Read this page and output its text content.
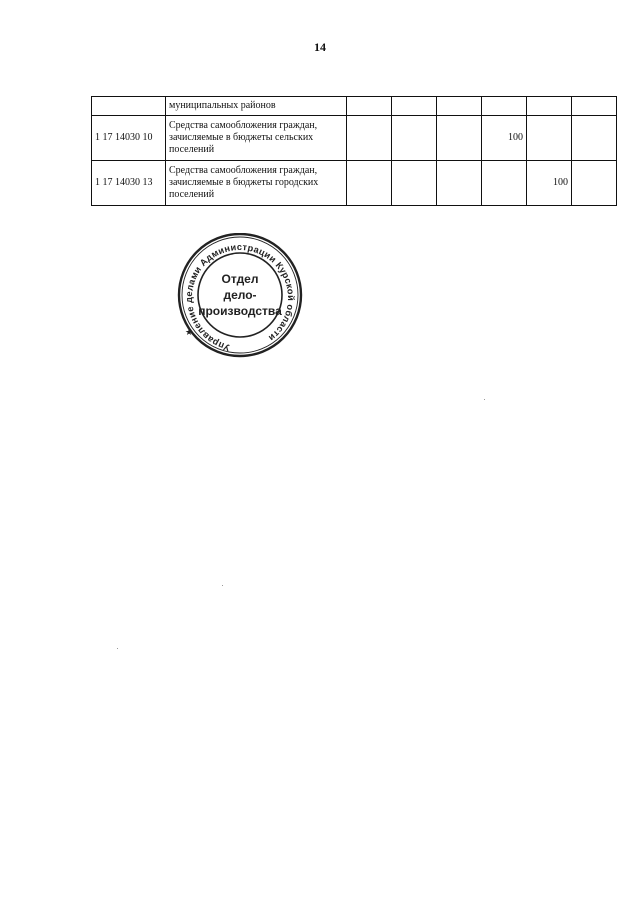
14
	муниципальных районов						
1 17 14030 10	Средства самообложения граждан, зачисляемые в бюджеты сельских поселений				100		
1 17 14030 13	Средства самообложения граждан, зачисляемые в бюджеты городских поселений					100	
Управление делами Администрации Курской области
★
Отдел
дело-
производства
